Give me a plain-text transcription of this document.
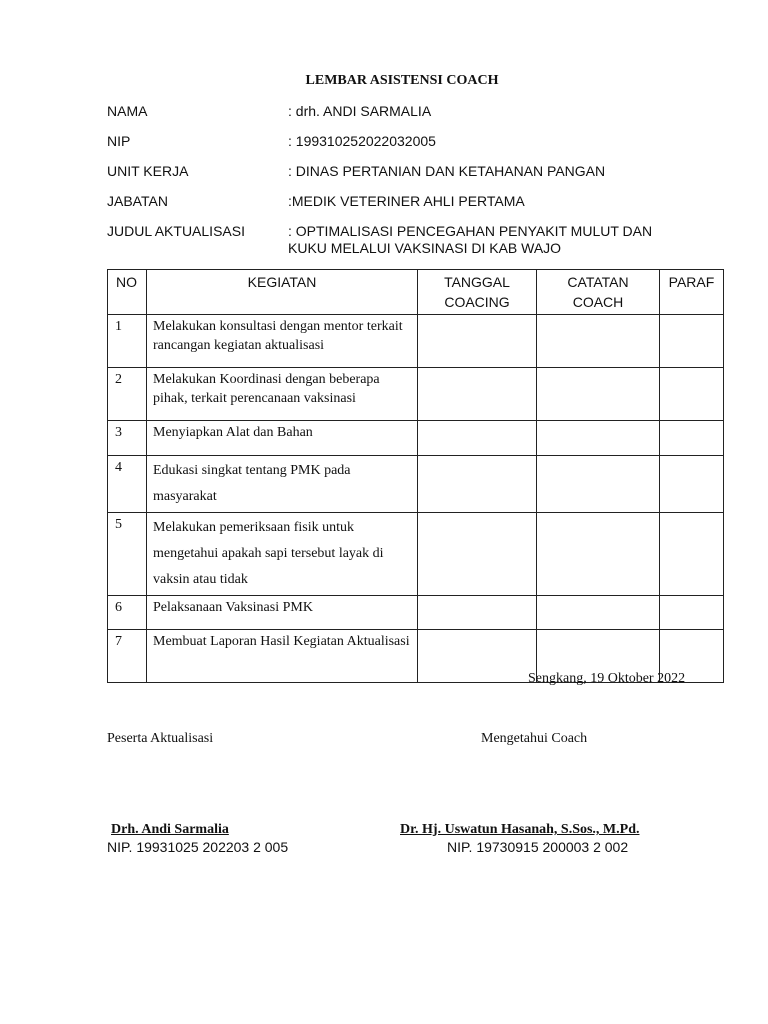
LEMBAR ASISTENSI COACH
NAMA	: drh. ANDI SARMALIA
NIP	: 199310252022032005
UNIT KERJA	: DINAS PERTANIAN DAN KETAHANAN PANGAN
JABATAN	:MEDIK VETERINER AHLI PERTAMA
JUDUL AKTUALISASI	: OPTIMALISASI PENCEGAHAN PENYAKIT MULUT DAN KUKU MELALUI VAKSINASI DI KAB WAJO
NO	KEGIATAN	TANGGAL COACING	CATATAN COACH	PARAF
1	Melakukan konsultasi dengan mentor terkait rancangan kegiatan aktualisasi			
2	Melakukan Koordinasi dengan beberapa pihak, terkait perencanaan vaksinasi			
3	Menyiapkan Alat dan Bahan			
4	Edukasi singkat tentang PMK pada masyarakat			
5	Melakukan pemeriksaan fisik untuk mengetahui apakah sapi tersebut layak di vaksin atau tidak			
6	Pelaksanaan Vaksinasi PMK			
7	Membuat Laporan Hasil Kegiatan Aktualisasi			
Sengkang, 19 Oktober 2022
Peserta Aktualisasi	Mengetahui Coach
Drh. Andi Sarmalia	Dr. Hj. Uswatun Hasanah, S.Sos., M.Pd.
NIP. 19931025 202203 2 005	NIP. 19730915 200003 2 002
